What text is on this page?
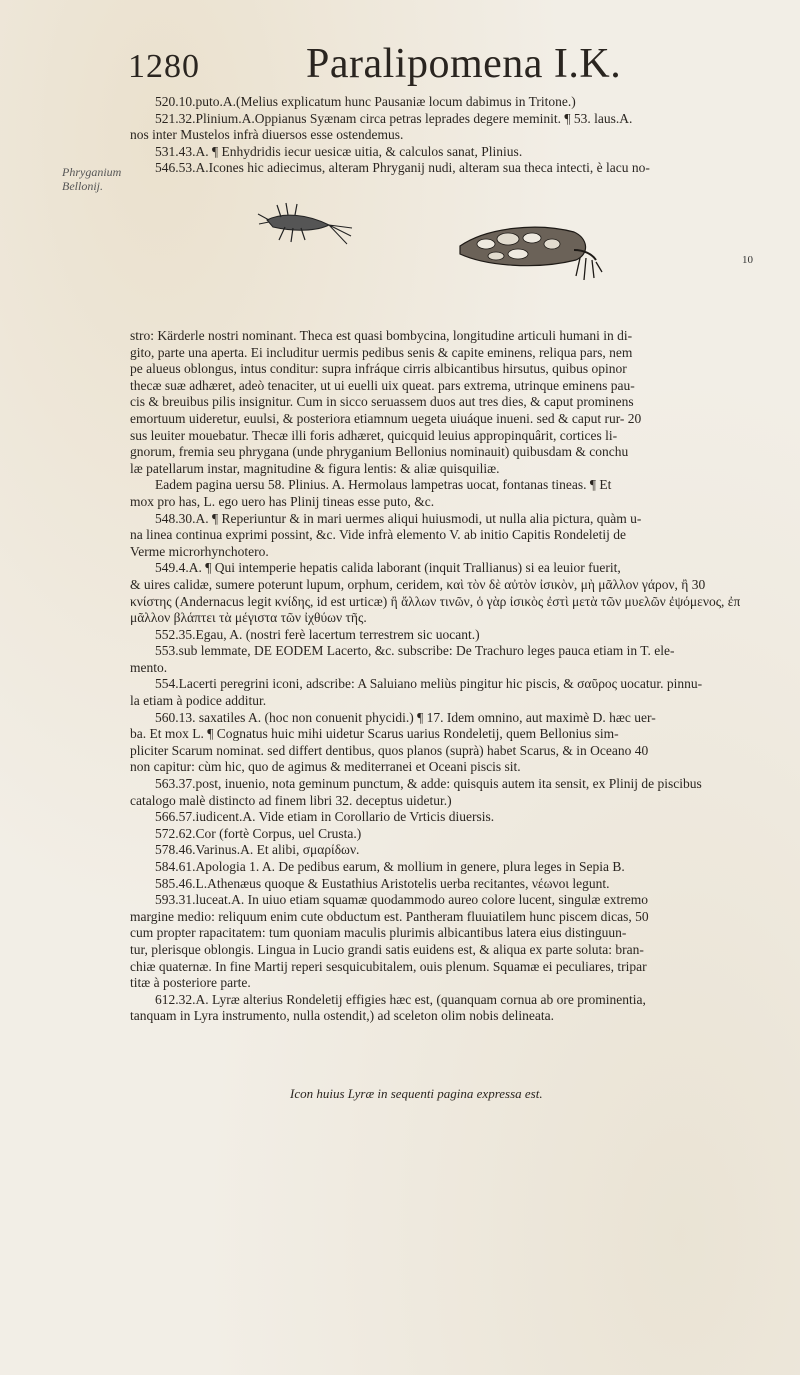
1280	Paralipomena I.K.
Phryganium
Bellonij.

520.10.puto.A.(Melius explicatum hunc Pausaniæ locum dabimus in Tritone.)

521.32.Plinium.A.Oppianus Syænam circa petras leprades degere meminit. ¶ 53. laus.A.

nos inter Mustelos infrà diuersos esse ostendemus.

531.43.A. ¶ Enhydridis iecur uesicæ uitia, & calculos sanat, Plinius.

546.53.A.Icones hic adiecimus, alteram Phryganij nudi, alteram sua theca intecti, è lacu no-

10

stro: Kärderle nostri nominant. Theca est quasi bombycina, longitudine articuli humani in di-

gito, parte una aperta. Ei includitur uermis pedibus senis & capite eminens, reliqua pars, nem

pe alueus oblongus, intus conditur: supra infráque cirris albicantibus hirsutus, quibus opinor

thecæ suæ adhæret, adeò tenaciter, ut ui euelli uix queat. pars extrema, utrinque eminens pau-

cis & breuibus pilis insignitur. Cum in sicco seruassem duos aut tres dies, & caput prominens

emortuum uideretur, euulsi, & posteriora etiamnum uegeta uiuáque inueni. sed & caput rur- 20

sus leuiter mouebatur. Thecæ illi foris adhæret, quicquid leuius appropinquârit, cortices li-

gnorum, fremia seu phrygana (unde phryganium Bellonius nominauit) quibusdam & conchu

læ patellarum instar, magnitudine & figura lentis: & aliæ quisquiliæ.

Eadem pagina uersu 58. Plinius. A. Hermolaus lampetras uocat, fontanas tineas. ¶ Et

mox pro has, L. ego uero has Plinij tineas esse puto, &c.

548.30.A. ¶ Reperiuntur & in mari uermes aliqui huiusmodi, ut nulla alia pictura, quàm u-

na linea continua exprimi possint, &c. Vide infrà elemento V. ab initio Capitis Rondeletij de

Verme microrhynchotero.

549.4.A. ¶ Qui intemperie hepatis calida laborant (inquit Trallianus) si ea leuior fuerit,

& uires calidæ, sumere poterunt lupum, orphum, ceridem, καὶ τὸν δὲ αὐτὸν ἰσικὸν, μὴ μᾶλλον γάρον, ἢ 30

κνίστης (Andernacus legit κνίδης, id est urticæ) ἢ ἄλλων τινῶν, ὁ γὰρ ἰσικὸς ἐστὶ μετὰ τῶν μυελῶν ἐψόμενος, ἐπ

μᾶλλον βλάπτει τὰ μέγιστα τῶν ἰχθύων τῆς.

552.35.Egau, A. (nostri ferè lacertum terrestrem sic uocant.)

553.sub lemmate, DE EODEM Lacerto, &c. subscribe: De Trachuro leges pauca etiam in T. ele-

mento.

554.Lacerti peregrini iconi, adscribe: A Saluiano meliùs pingitur hic piscis, & σαῦρος uocatur. pinnu-

la etiam à podice additur.

560.13. saxatiles A. (hoc non conuenit phycidi.) ¶ 17. Idem omnino, aut maximè D. hæc uer-

ba. Et mox L. ¶ Cognatus huic mihi uidetur Scarus uarius Rondeletij, quem Bellonius sim-

pliciter Scarum nominat. sed differt dentibus, quos planos (suprà) habet Scarus, & in Oceano 40

non capitur: cùm hic, quo de agimus & mediterranei et Oceani piscis sit.

563.37.post, inuenio, nota geminum punctum, & adde: quisquis autem ita sensit, ex Plinij de piscibus

catalogo malè distincto ad finem libri 32. deceptus uidetur.)

566.57.iudicent.A. Vide etiam in Corollario de Vrticis diuersis.

572.62.Cor (fortè Corpus, uel Crusta.)

578.46.Varinus.A. Et alibi, σμαρίδων.

584.61.Apologia 1. A. De pedibus earum, & mollium in genere, plura leges in Sepia B.

585.46.L.Athenæus quoque & Eustathius Aristotelis uerba recitantes, νέωνοι legunt.

593.31.luceat.A. In uiuo etiam squamæ quodammodo aureo colore lucent, singulæ extremo

margine medio: reliquum enim cute obductum est. Pantheram fluuiatilem hunc piscem dicas, 50

cum propter rapacitatem: tum quoniam maculis plurimis albicantibus latera eius distinguun-

tur, plerisque oblongis. Lingua in Lucio grandi satis euidens est, & aliqua ex parte soluta: bran-

chiæ quaternæ. In fine Martij reperi sesquicubitalem, ouis plenum. Squamæ ei peculiares, tripar

titæ à posteriore parte.

612.32.A. Lyræ alterius Rondeletij effigies hæc est, (quanquam cornua ab ore prominentia,

tanquam in Lyra instrumento, nulla ostendit,) ad sceleton olim nobis delineata.

Icon huius Lyræ in sequenti pagina expressa est.
